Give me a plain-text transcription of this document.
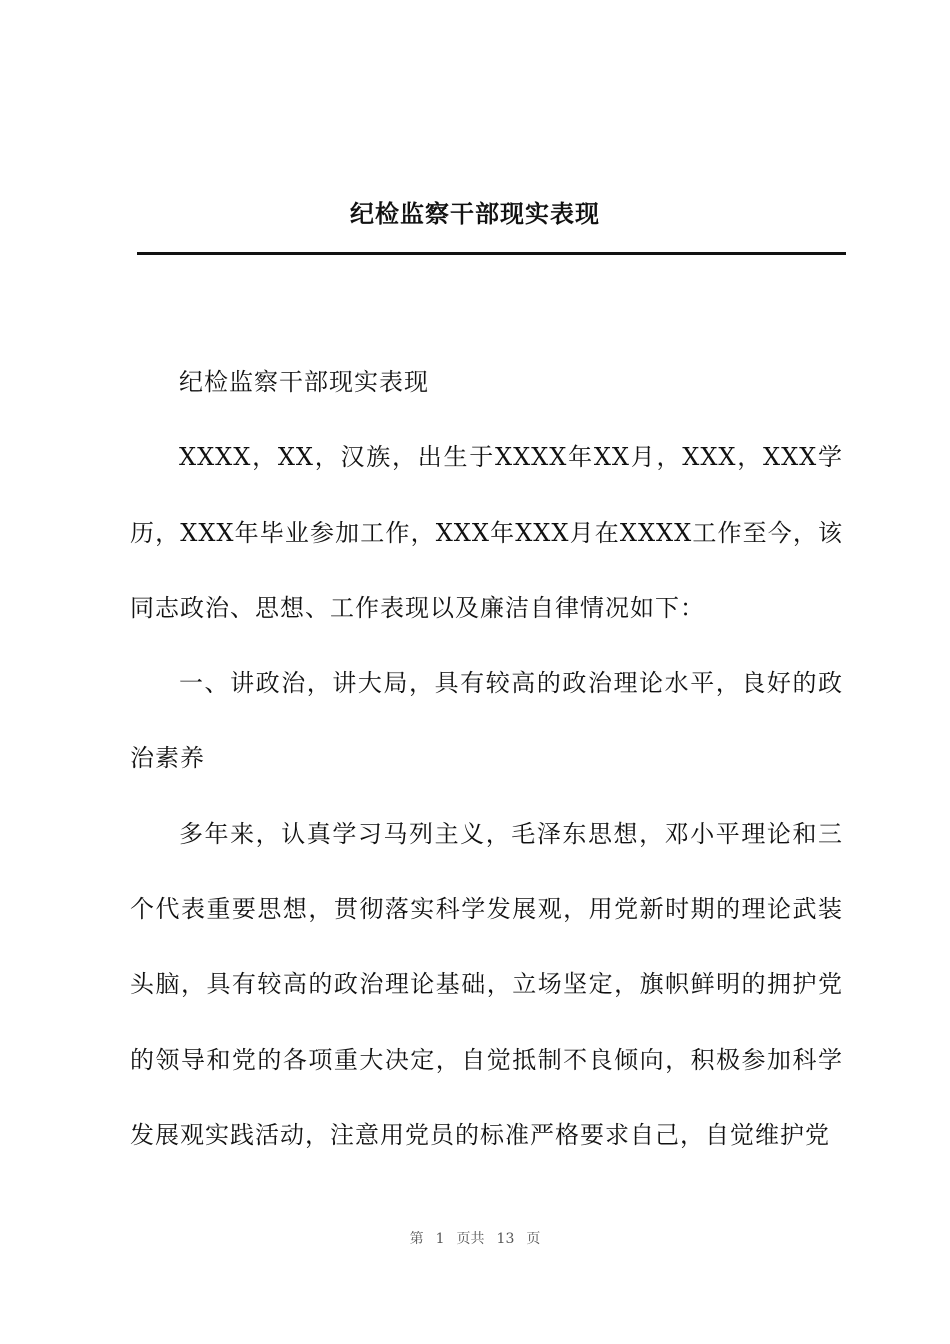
纪检监察干部现实表现

纪检监察干部现实表现

XXXX，XX，汉族，出生于XXXX年XX月，XXX，XXX学历，XXX年毕业参加工作，XXX年XXX月在XXXX工作至今，该同志政治、思想、工作表现以及廉洁自律情况如下：

一、讲政治，讲大局，具有较高的政治理论水平，良好的政治素养

多年来，认真学习马列主义，毛泽东思想，邓小平理论和三个代表重要思想，贯彻落实科学发展观，用党新时期的理论武装头脑，具有较高的政治理论基础，立场坚定，旗帜鲜明的拥护党的领导和党的各项重大决定，自觉抵制不良倾向，积极参加科学发展观实践活动，注意用党员的标准严格要求自己，自觉维护党

第 1 页共 13 页
